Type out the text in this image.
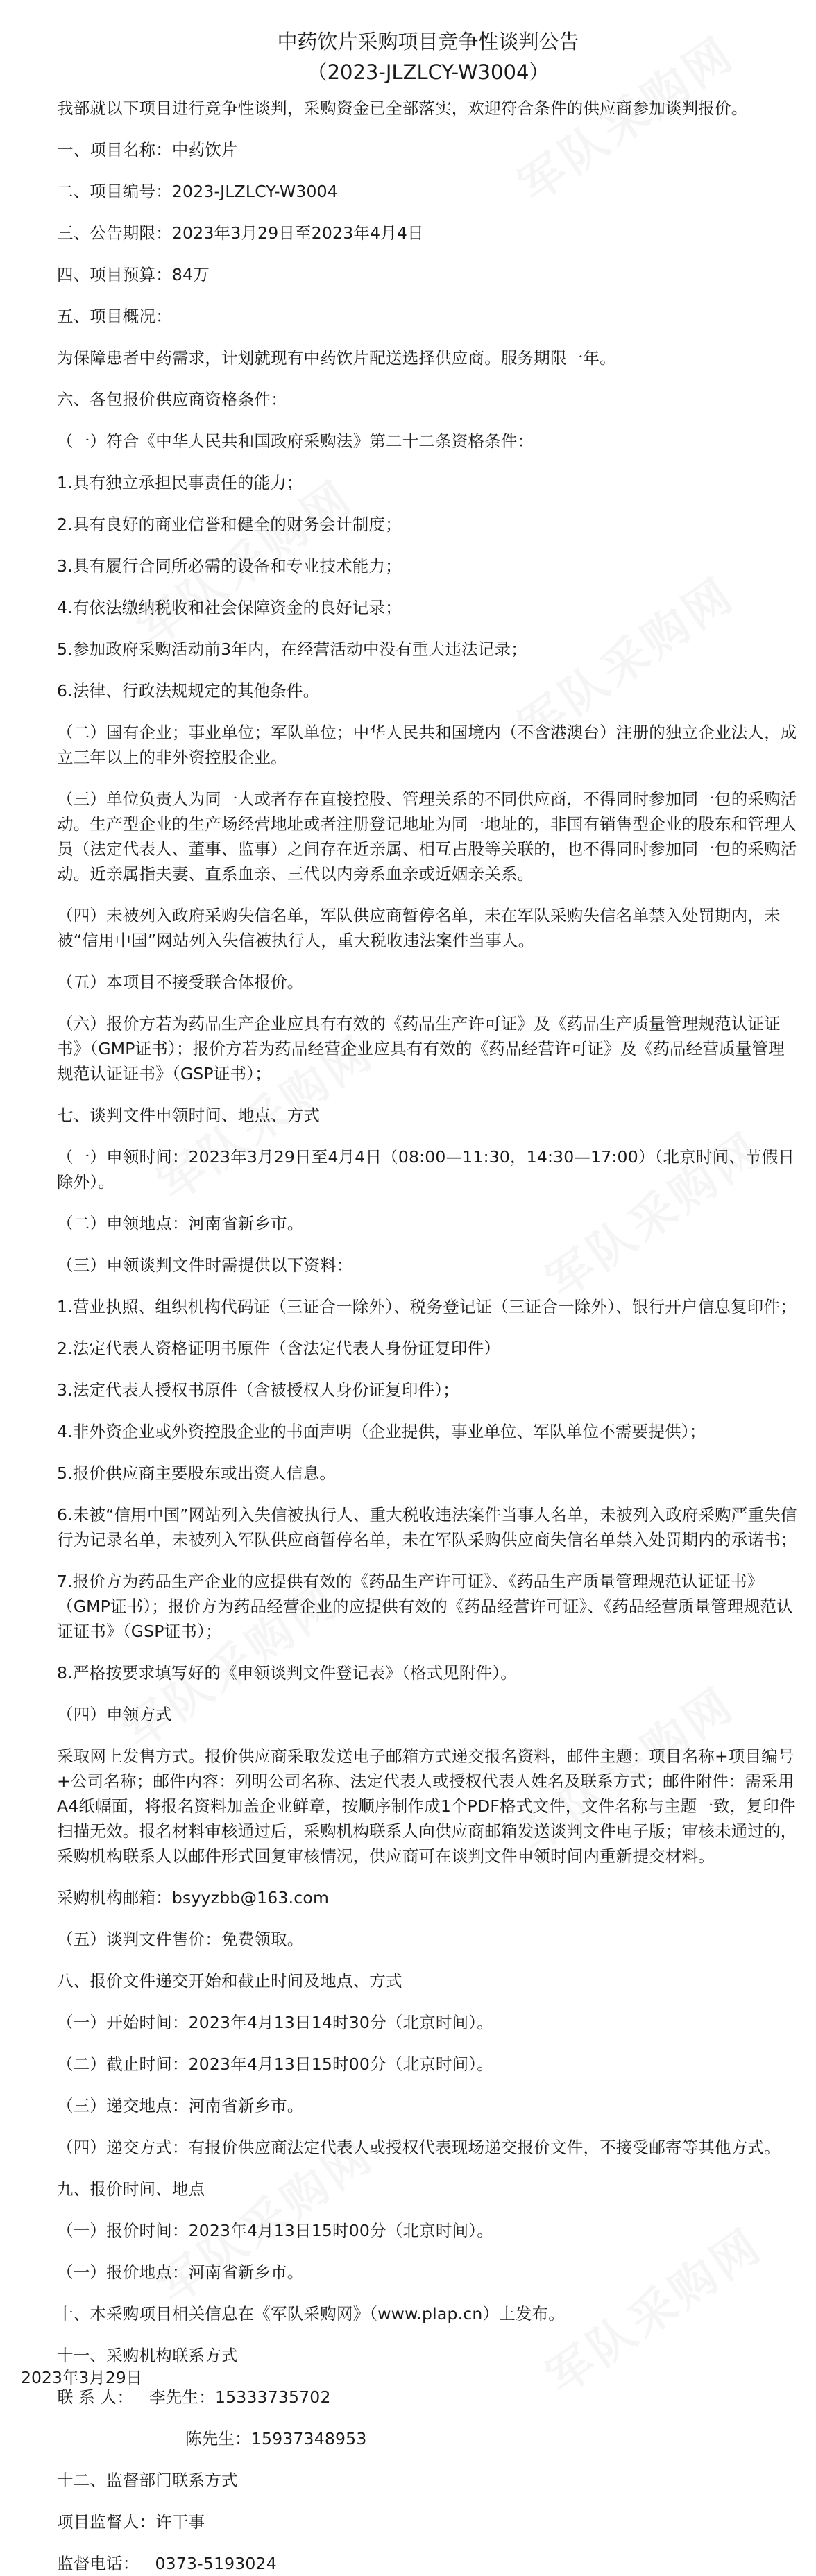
中药饮片采购项目竞争性谈判公告

（2023-JLZLCY-W3004）

我部就以下项目进行竞争性谈判，采购资金已全部落实，欢迎符合条件的供应商参加谈判报价。

一、项目名称：中药饮片

二、项目编号：2023-JLZLCY-W3004

三、公告期限：2023年3月29日至2023年4月4日

四、项目预算：84万

五、项目概况：

为保障患者中药需求，计划就现有中药饮片配送选择供应商。服务期限一年。

六、各包报价供应商资格条件：

（一）符合《中华人民共和国政府采购法》第二十二条资格条件：

1.具有独立承担民事责任的能力；

2.具有良好的商业信誉和健全的财务会计制度；

3.具有履行合同所必需的设备和专业技术能力；

4.有依法缴纳税收和社会保障资金的良好记录；

5.参加政府采购活动前3年内，在经营活动中没有重大违法记录；

6.法律、行政法规规定的其他条件。

（二）国有企业；事业单位；军队单位；中华人民共和国境内（不含港澳台）注册的独立企业法人，成立三年以上的非外资控股企业。

（三）单位负责人为同一人或者存在直接控股、管理关系的不同供应商，不得同时参加同一包的采购活动。生产型企业的生产场经营地址或者注册登记地址为同一地址的，非国有销售型企业的股东和管理人员（法定代表人、董事、监事）之间存在近亲属、相互占股等关联的，也不得同时参加同一包的采购活动。近亲属指夫妻、直系血亲、三代以内旁系血亲或近姻亲关系。

（四）未被列入政府采购失信名单，军队供应商暂停名单，未在军队采购失信名单禁入处罚期内，未被“信用中国”网站列入失信被执行人，重大税收违法案件当事人。

（五）本项目不接受联合体报价。

（六）报价方若为药品生产企业应具有有效的《药品生产许可证》及《药品生产质量管理规范认证证书》（GMP证书）；报价方若为药品经营企业应具有有效的《药品经营许可证》及《药品经营质量管理规范认证证书》（GSP证书）；

七、谈判文件申领时间、地点、方式

（一）申领时间：2023年3月29日至4月4日（08:00—11:30，14:30—17:00）（北京时间、节假日除外）。

（二）申领地点：河南省新乡市。

（三）申领谈判文件时需提供以下资料：

1.营业执照、组织机构代码证（三证合一除外）、税务登记证（三证合一除外）、银行开户信息复印件；

2.法定代表人资格证明书原件（含法定代表人身份证复印件）

3.法定代表人授权书原件（含被授权人身份证复印件）；

4.非外资企业或外资控股企业的书面声明（企业提供，事业单位、军队单位不需要提供）；

5.报价供应商主要股东或出资人信息。

6.未被“信用中国”网站列入失信被执行人、重大税收违法案件当事人名单，未被列入政府采购严重失信行为记录名单，未被列入军队供应商暂停名单，未在军队采购供应商失信名单禁入处罚期内的承诺书；

7.报价方为药品生产企业的应提供有效的《药品生产许可证》、《药品生产质量管理规范认证证书》（GMP证书）；报价方为药品经营企业的应提供有效的《药品经营许可证》、《药品经营质量管理规范认证证书》（GSP证书）；

8.严格按要求填写好的《申领谈判文件登记表》（格式见附件）。

（四）申领方式

采取网上发售方式。报价供应商采取发送电子邮箱方式递交报名资料，邮件主题：项目名称+项目编号+公司名称；邮件内容：列明公司名称、法定代表人或授权代表人姓名及联系方式；邮件附件：需采用A4纸幅面，将报名资料加盖企业鲜章，按顺序制作成1个PDF格式文件，文件名称与主题一致，复印件扫描无效。报名材料审核通过后，采购机构联系人向供应商邮箱发送谈判文件电子版；审核未通过的，采购机构联系人以邮件形式回复审核情况，供应商可在谈判文件申领时间内重新提交材料。

采购机构邮箱：bsyyzbb@163.com

（五）谈判文件售价：免费领取。

八、报价文件递交开始和截止时间及地点、方式

（一）开始时间：2023年4月13日14时30分（北京时间）。

（二）截止时间：2023年4月13日15时00分（北京时间）。

（三）递交地点：河南省新乡市。

（四）递交方式：有报价供应商法定代表人或授权代表现场递交报价文件，不接受邮寄等其他方式。

九、报价时间、地点

（一）报价时间：2023年4月13日15时00分（北京时间）。

（一）报价地点：河南省新乡市。

十、本采购项目相关信息在《军队采购网》（www.plap.cn）上发布。

十一、采购机构联系方式

联 系 人：   李先生：15333735702

陈先生：15937348953

十二、监督部门联系方式

项目监督人：许干事

监督电话：   0373-5193024

2023年3月29日
